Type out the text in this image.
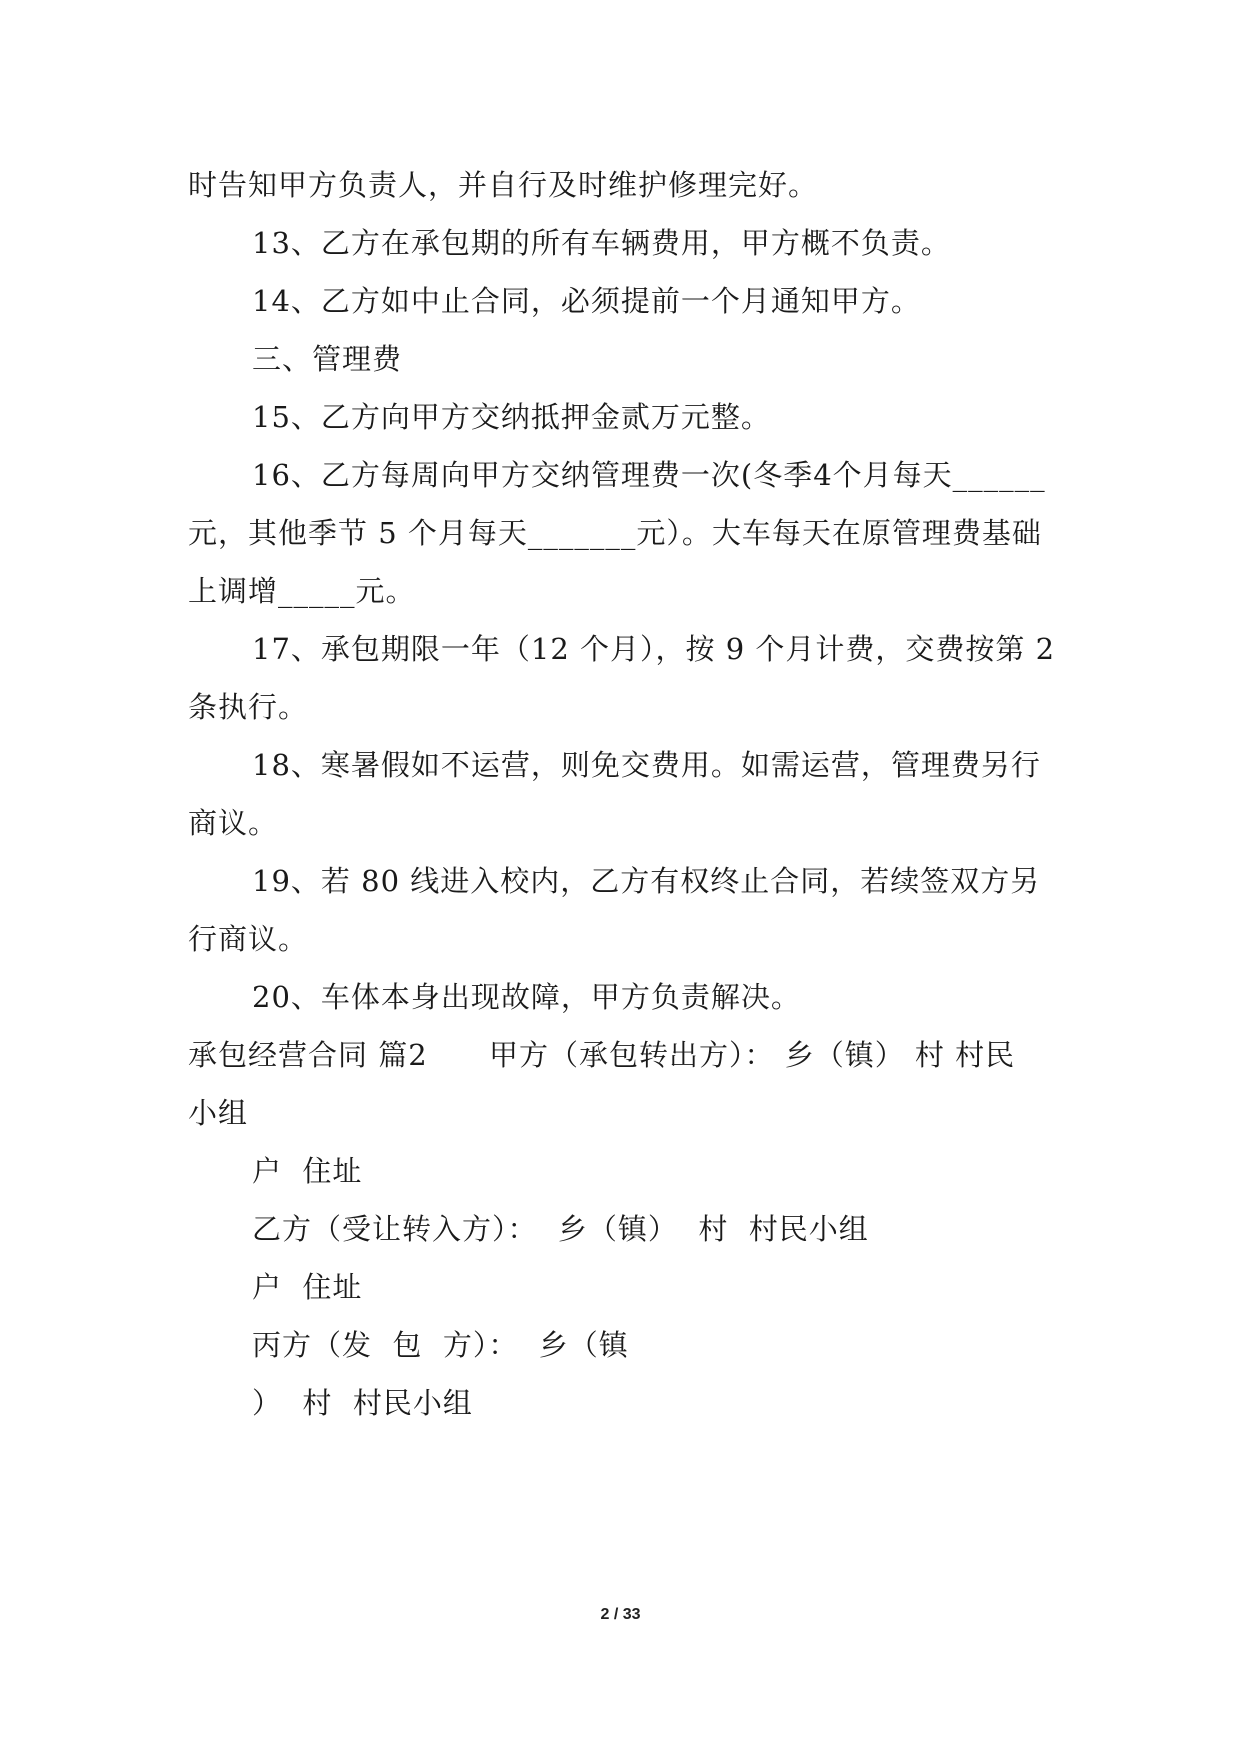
时告知甲方负责人，并自行及时维护修理完好。
13、乙方在承包期的所有车辆费用，甲方概不负责。
14、乙方如中止合同，必须提前一个月通知甲方。
三、管理费
15、乙方向甲方交纳抵押金贰万元整。
16、乙方每周向甲方交纳管理费一次(冬季4个月每天______
元，其他季节 5 个月每天_______元）。大车每天在原管理费基础
上调增_____元。
17、承包期限一年（12 个月），按 9 个月计费，交费按第 2
条执行。
18、寒暑假如不运营，则免交费用。如需运营，管理费另行
商议。
19、若 80 线进入校内，乙方有权终止合同，若续签双方另
行商议。
20、车体本身出现故障，甲方负责解决。
承包经营合同 篇2      甲方（承包转出方）： 乡（镇） 村 村民
小组
户  住址
乙方（受让转入方）：  乡（镇）  村  村民小组
户  住址
丙方（发  包  方）：  乡（镇
）  村  村民小组
2 / 33
